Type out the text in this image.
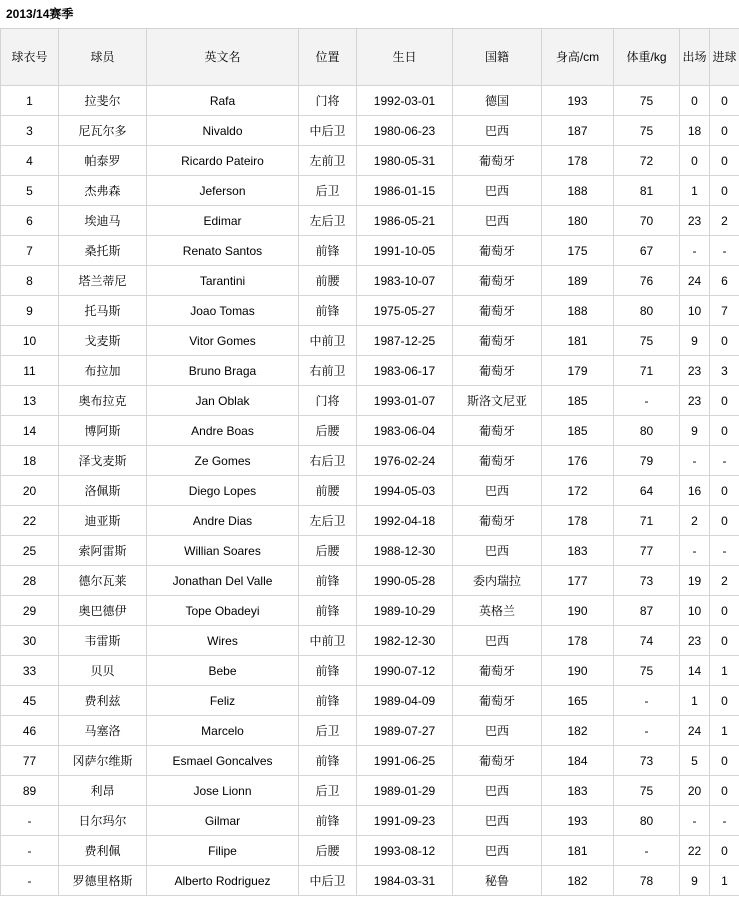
2013/14赛季
球衣号	球员	英文名	位置	生日	国籍	身高/cm	体重/kg	出场	进球

1	拉斐尔	Rafa	门将	1992-03-01	德国	193	75	0	0
3	尼瓦尔多	Nivaldo	中后卫	1980-06-23	巴西	187	75	18	0
4	帕泰罗	Ricardo Pateiro	左前卫	1980-05-31	葡萄牙	178	72	0	0
5	杰弗森	Jeferson	后卫	1986-01-15	巴西	188	81	1	0
6	埃迪马	Edimar	左后卫	1986-05-21	巴西	180	70	23	2
7	桑托斯	Renato Santos	前锋	1991-10-05	葡萄牙	175	67	-	-
8	塔兰蒂尼	Tarantini	前腰	1983-10-07	葡萄牙	189	76	24	6
9	托马斯	Joao Tomas	前锋	1975-05-27	葡萄牙	188	80	10	7
10	戈麦斯	Vitor Gomes	中前卫	1987-12-25	葡萄牙	181	75	9	0
11	布拉加	Bruno Braga	右前卫	1983-06-17	葡萄牙	179	71	23	3
13	奥布拉克	Jan Oblak	门将	1993-01-07	斯洛文尼亚	185	-	23	0
14	博阿斯	Andre Boas	后腰	1983-06-04	葡萄牙	185	80	9	0
18	泽戈麦斯	Ze Gomes	右后卫	1976-02-24	葡萄牙	176	79	-	-
20	洛佩斯	Diego Lopes	前腰	1994-05-03	巴西	172	64	16	0
22	迪亚斯	Andre Dias	左后卫	1992-04-18	葡萄牙	178	71	2	0
25	索阿雷斯	Willian Soares	后腰	1988-12-30	巴西	183	77	-	-
28	德尔瓦莱	Jonathan Del Valle	前锋	1990-05-28	委内瑞拉	177	73	19	2
29	奥巴德伊	Tope Obadeyi	前锋	1989-10-29	英格兰	190	87	10	0
30	韦雷斯	Wires	中前卫	1982-12-30	巴西	178	74	23	0
33	贝贝	Bebe	前锋	1990-07-12	葡萄牙	190	75	14	1
45	费利兹	Feliz	前锋	1989-04-09	葡萄牙	165	-	1	0
46	马塞洛	Marcelo	后卫	1989-07-27	巴西	182	-	24	1
77	冈萨尔维斯	Esmael Goncalves	前锋	1991-06-25	葡萄牙	184	73	5	0
89	利昂	Jose Lionn	后卫	1989-01-29	巴西	183	75	20	0
-	日尔玛尔	Gilmar	前锋	1991-09-23	巴西	193	80	-	-
-	费利佩	Filipe	后腰	1993-08-12	巴西	181	-	22	0
-	罗德里格斯	Alberto Rodriguez	中后卫	1984-03-31	秘鲁	182	78	9	1
